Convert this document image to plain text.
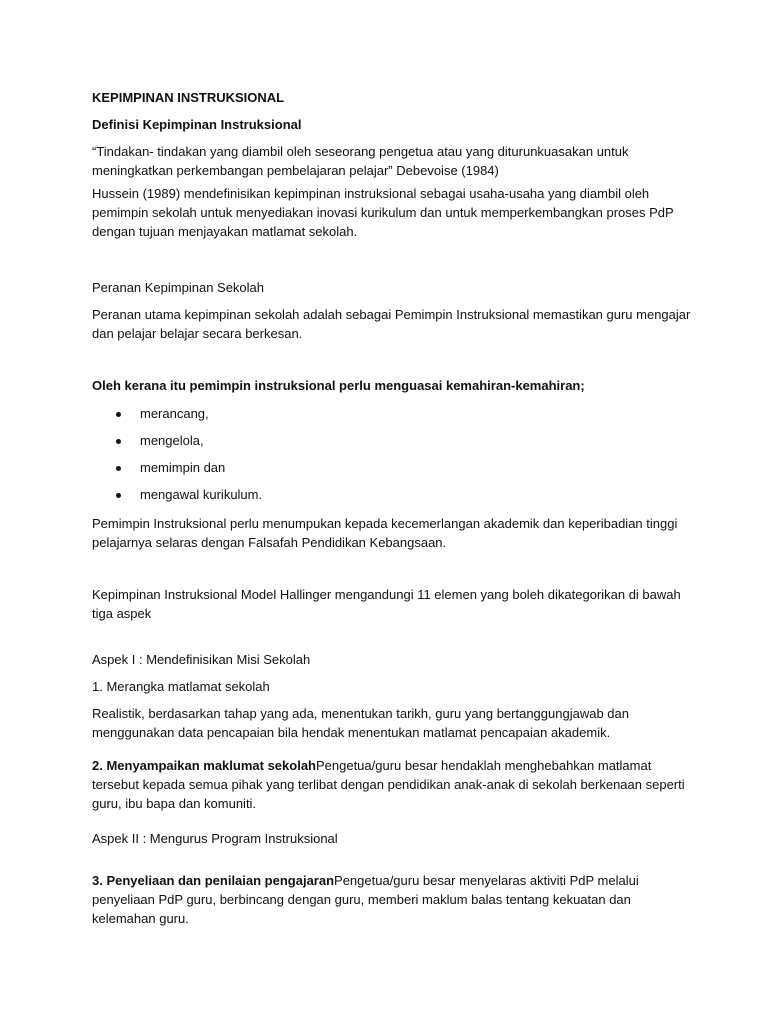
KEPIMPINAN INSTRUKSIONAL

Definisi Kepimpinan Instruksional

“Tindakan- tindakan yang diambil oleh seseorang pengetua atau yang diturunkuasakan untuk meningkatkan perkembangan pembelajaran pelajar” Debevoise (1984)

Hussein (1989) mendefinisikan kepimpinan instruksional sebagai usaha-usaha yang diambil oleh pemimpin sekolah untuk menyediakan inovasi kurikulum dan untuk memperkembangkan proses PdP dengan tujuan menjayakan matlamat sekolah.

Peranan Kepimpinan Sekolah

Peranan utama kepimpinan sekolah adalah sebagai Pemimpin Instruksional memastikan guru mengajar dan pelajar belajar secara berkesan.

Oleh kerana itu pemimpin instruksional perlu menguasai kemahiran-kemahiran;

merancang,
mengelola,
memimpin dan
mengawal kurikulum.

Pemimpin Instruksional perlu menumpukan kepada kecemerlangan akademik dan keperibadian tinggi pelajarnya selaras dengan Falsafah Pendidikan Kebangsaan.

Kepimpinan Instruksional Model Hallinger mengandungi 11 elemen yang boleh dikategorikan di bawah tiga aspek

Aspek I : Mendefinisikan Misi Sekolah

1. Merangka matlamat sekolah

Realistik, berdasarkan tahap yang ada, menentukan tarikh, guru yang bertanggungjawab dan menggunakan data pencapaian bila hendak menentukan matlamat pencapaian akademik.

2. Menyampaikan maklumat sekolahPengetua/guru besar hendaklah menghebahkan matlamat tersebut kepada semua pihak yang terlibat dengan pendidikan anak-anak di sekolah berkenaan seperti guru, ibu bapa dan komuniti.

Aspek II : Mengurus Program Instruksional

3. Penyeliaan dan penilaian pengajaranPengetua/guru besar menyelaras aktiviti PdP melalui penyeliaan PdP guru, berbincang dengan guru, memberi maklum balas tentang kekuatan dan kelemahan guru.
